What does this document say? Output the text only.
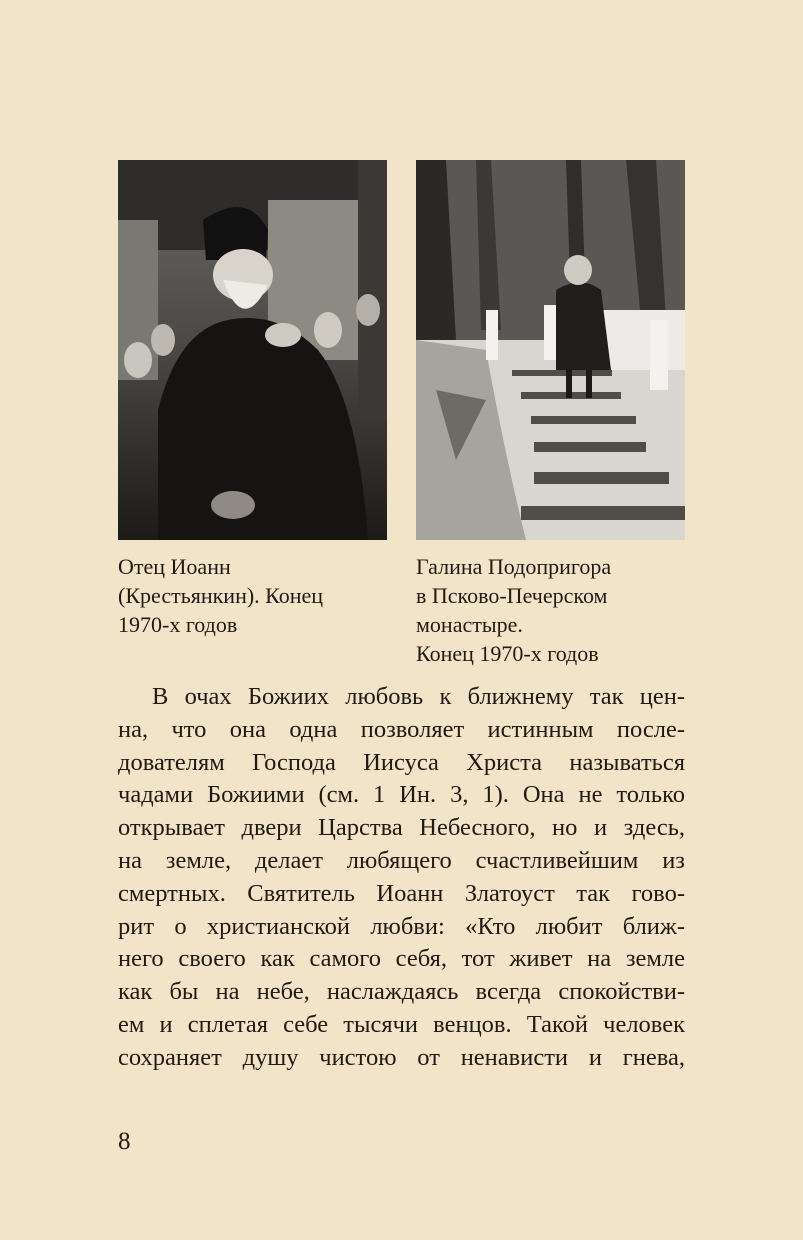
Отец Иоанн
(Крестьянкин). Конец
1970-х годов
Галина Подопригора
в Псково-Печерском
монастыре.
Конец 1970-х годов
В очах Божиих любовь к ближнему так цен-
на, что она одна позволяет истинным после-
дователям Господа Иисуса Христа называться
чадами Божиими (см. 1 Ин. 3, 1). Она не только
открывает двери Царства Небесного, но и здесь,
на земле, делает любящего счастливейшим из
смертных. Святитель Иоанн Златоуст так гово-
рит о христианской любви: «Кто любит ближ-
него своего как самого себя, тот живет на земле
как бы на небе, наслаждаясь всегда спокойстви-
ем и сплетая себе тысячи венцов. Такой человек
сохраняет душу чистою от ненависти и гнева,
8
